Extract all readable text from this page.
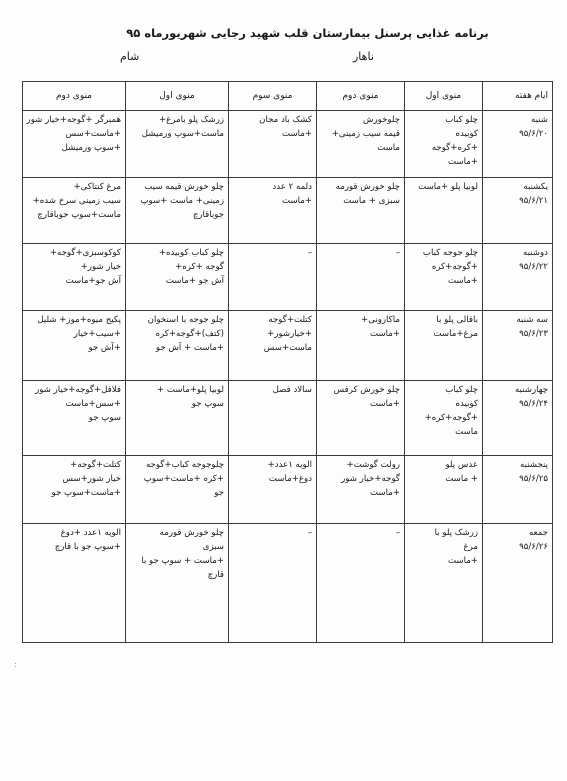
برنامه غذایی پرسنل بیمارستان قلب شهید رجایی شهریورماه ۹۵
ناهار
شام
ایام هفته	منوی اول	منوی دوم	منوی سوم	منوی اول	منوی دوم

شنبه
۹۵/۶/۲۰	چلو کباب
کوبیده
+کره+گوجه
+ماست	چلوخورش
قیمه سیب زمینی+
ماست	کشک باد مجان
+ماست	زرشک پلو بامرغ+
ماست+سوپ ورمیشل	همبرگر +گوجه+خیار شور
+ماست+سس
+سوپ ورمیشل

یکشنبه
۹۵/۶/۲۱	لوبیا پلو +ماست	چلو خورش قورمه
سبزی + ماست	دلمه ۲ عدد
+ماست	چلو خورش قیمه سیب
زمینی+ ماست +سوپ
جوباقارچ	مرغ کنتاکی+
سیب زمینی سرخ شده+
ماست+سوپ جوباقارچ

دوشنبه
۹۵/۶/۲۲	چلو جوجه کباب
+گوجه+کره
+ماست	–	–	چلو کباب کوبیده+
گوجه +کره+
آش جو +ماست	کوکوسبزی+گوجه+
خیار شور+
آش جو+ماست

سه شنبه
۹۵/۶/۲۳	باقالی پلو با
مرغ+ماست	ماکارونی+
+ماست	کتلت+گوجه
+خیارشور+
ماست+سس	چلو جوجه با استخوان
(کتف)+گوجه+کره
+ماست + آش جو	پکیج میوه+موز+ شلیل
+سیب+خیار
+آش جو

چهارشنبه
۹۵/۶/۲۴	چلو کباب
کوبیده
+گوجه+کره+
ماست	چلو خورش کرفس
+ماست	سالاد فصل	لوبیا پلو+ماست +
سوپ جو	فلافل+گوجه+خیار شور
+سس+ماست
سوپ جو

پنجشنبه
۹۵/۶/۲۵	عدس پلو
+ ماست	رولت گوشت+
گوجه+خیار شور
+ماست	الویه ۱عدد+
دوغ+ماست	چلوجوجه کباب+گوجه
+کره +ماست+سوپ
جو	کتلت+گوجه+
خیار شور+سس
+ماست+سوپ جو

جمعه
۹۵/۶/۲۶	زرشک پلو با
مرغ
+ماست	–	–	چلو خورش قورمه
سبزی
+ماست + سوپ جو با
قارچ	الویه ۱عدد +دوغ
+سوپ جو با قارچ
:
